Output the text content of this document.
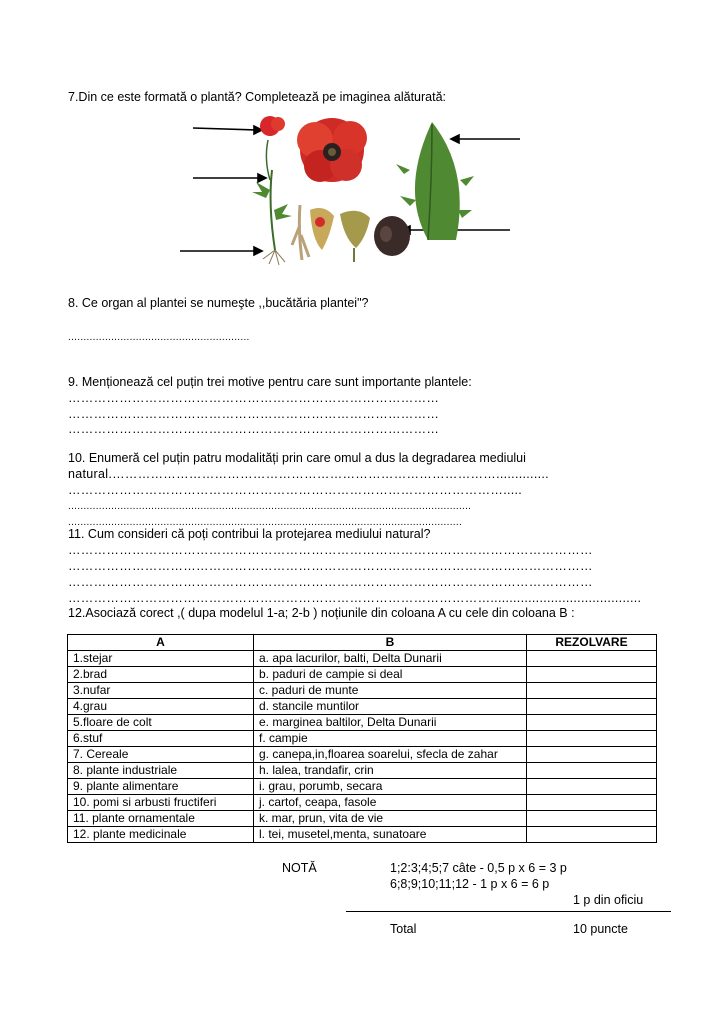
7.Din ce este formată o plantă? Completează pe imaginea alăturată:
8. Ce organ al plantei se numeşte ,,bucătăria plantei"?
...........................................................
9. Menționează cel puțin trei motive pentru care sunt importante plantele:
……………………………………………………………………………
……………………………………………………………………………
……………………………………………………………………………
10. Enumeră cel puțin patru modalități prin care omul a dus la degradarea mediului
natural.………………………………………………………………………………..............
………………………………………………………………………………………….....
...................................................................................................................................
................................................................................................................................
11. Cum consideri că poți contribui la protejarea mediului natural?
……………………………………………………………………………………………………………
……………………………………………………………………………………………………………
……………………………………………………………………………………………………………
………………………………………………………………………………………........................................
12.Asociază corect ,( dupa modelul 1-a; 2-b ) noțiunile din coloana A cu cele din coloana B :
A	B	REZOLVARE
1.stejar	a. apa lacurilor, balti, Delta Dunarii	
2.brad	b. paduri de campie si deal	
3.nufar	c. paduri de munte	
4.grau	d. stancile muntilor	
5.floare de colt	e. marginea baltilor, Delta Dunarii	
6.stuf	f. campie	
7. Cereale	g. canepa,in,floarea soarelui, sfecla de zahar	
8. plante industriale	h. lalea, trandafir, crin	
9. plante alimentare	i. grau, porumb, secara	
10. pomi si arbusti fructiferi	j. cartof, ceapa, fasole	
11. plante ornamentale	k. mar, prun, vita de vie	
12. plante medicinale	l. tei, musetel,menta, sunatoare	
NOTĂ	1;2:3;4;5;7 câte - 0,5 p x 6 = 3 p
6;8;9;10;11;12 - 1 p x 6 = 6 p
1 p din oficiu
Total	10 puncte
